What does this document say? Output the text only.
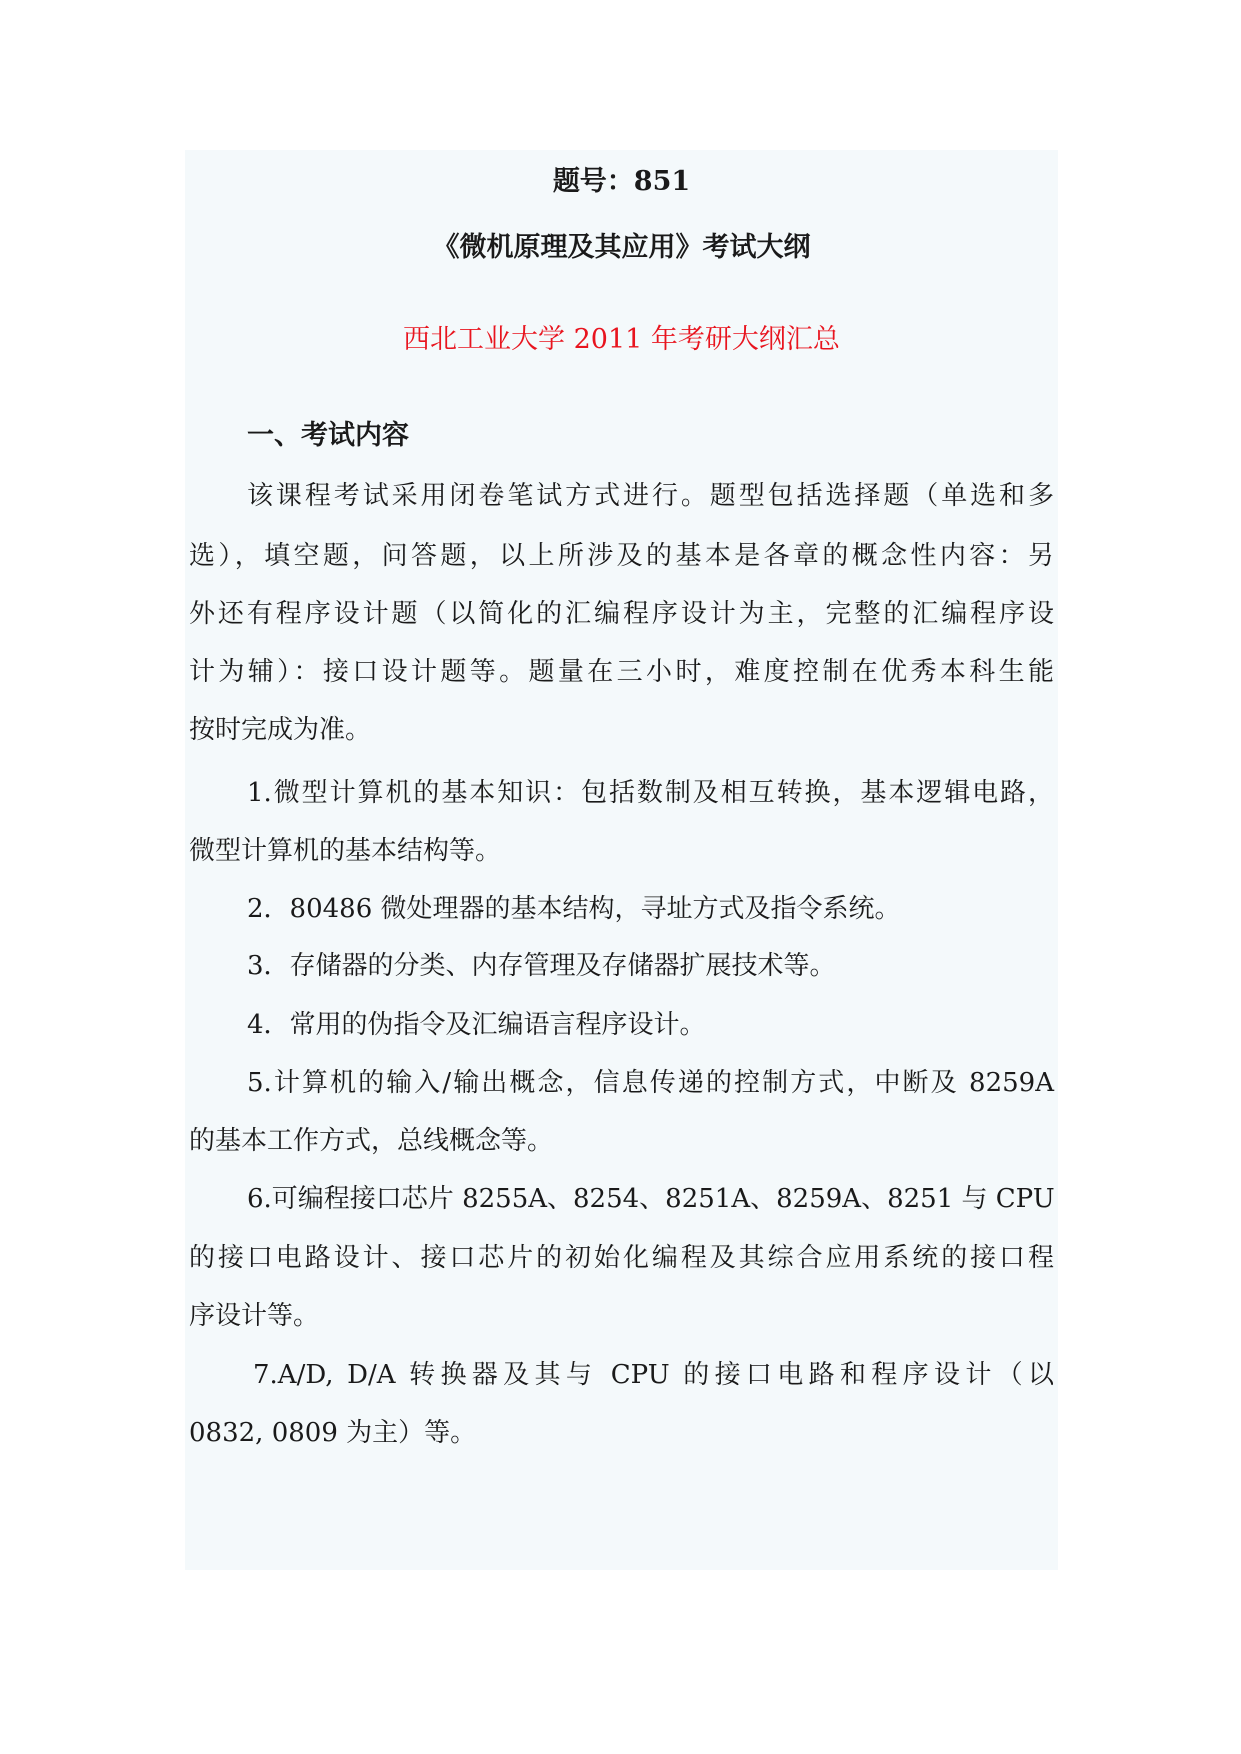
题号：851

《微机原理及其应用》考试大纲

西北工业大学 2011 年考研大纲汇总

一、考试内容

该课程考试采用闭卷笔试方式进行。题型包括选择题（单选和多

选），填空题，问答题，以上所涉及的基本是各章的概念性内容：另

外还有程序设计题（以简化的汇编程序设计为主，完整的汇编程序设

计为辅）：接口设计题等。题量在三小时，难度控制在优秀本科生能

按时完成为准。

1.微型计算机的基本知识：包括数制及相互转换，基本逻辑电路，

微型计算机的基本结构等。

2．80486 微处理器的基本结构，寻址方式及指令系统。

3．存储器的分类、内存管理及存储器扩展技术等。

4．常用的伪指令及汇编语言程序设计。

5.计算机的输入/输出概念，信息传递的控制方式，中断及 8259A

的基本工作方式，总线概念等。

6.可编程接口芯片 8255A、8254、8251A、8259A、8251 与 CPU

的接口电路设计、接口芯片的初始化编程及其综合应用系统的接口程

序设计等。

7.A/D, D/A 转换器及其与 CPU 的接口电路和程序设计（以

0832, 0809 为主）等。
